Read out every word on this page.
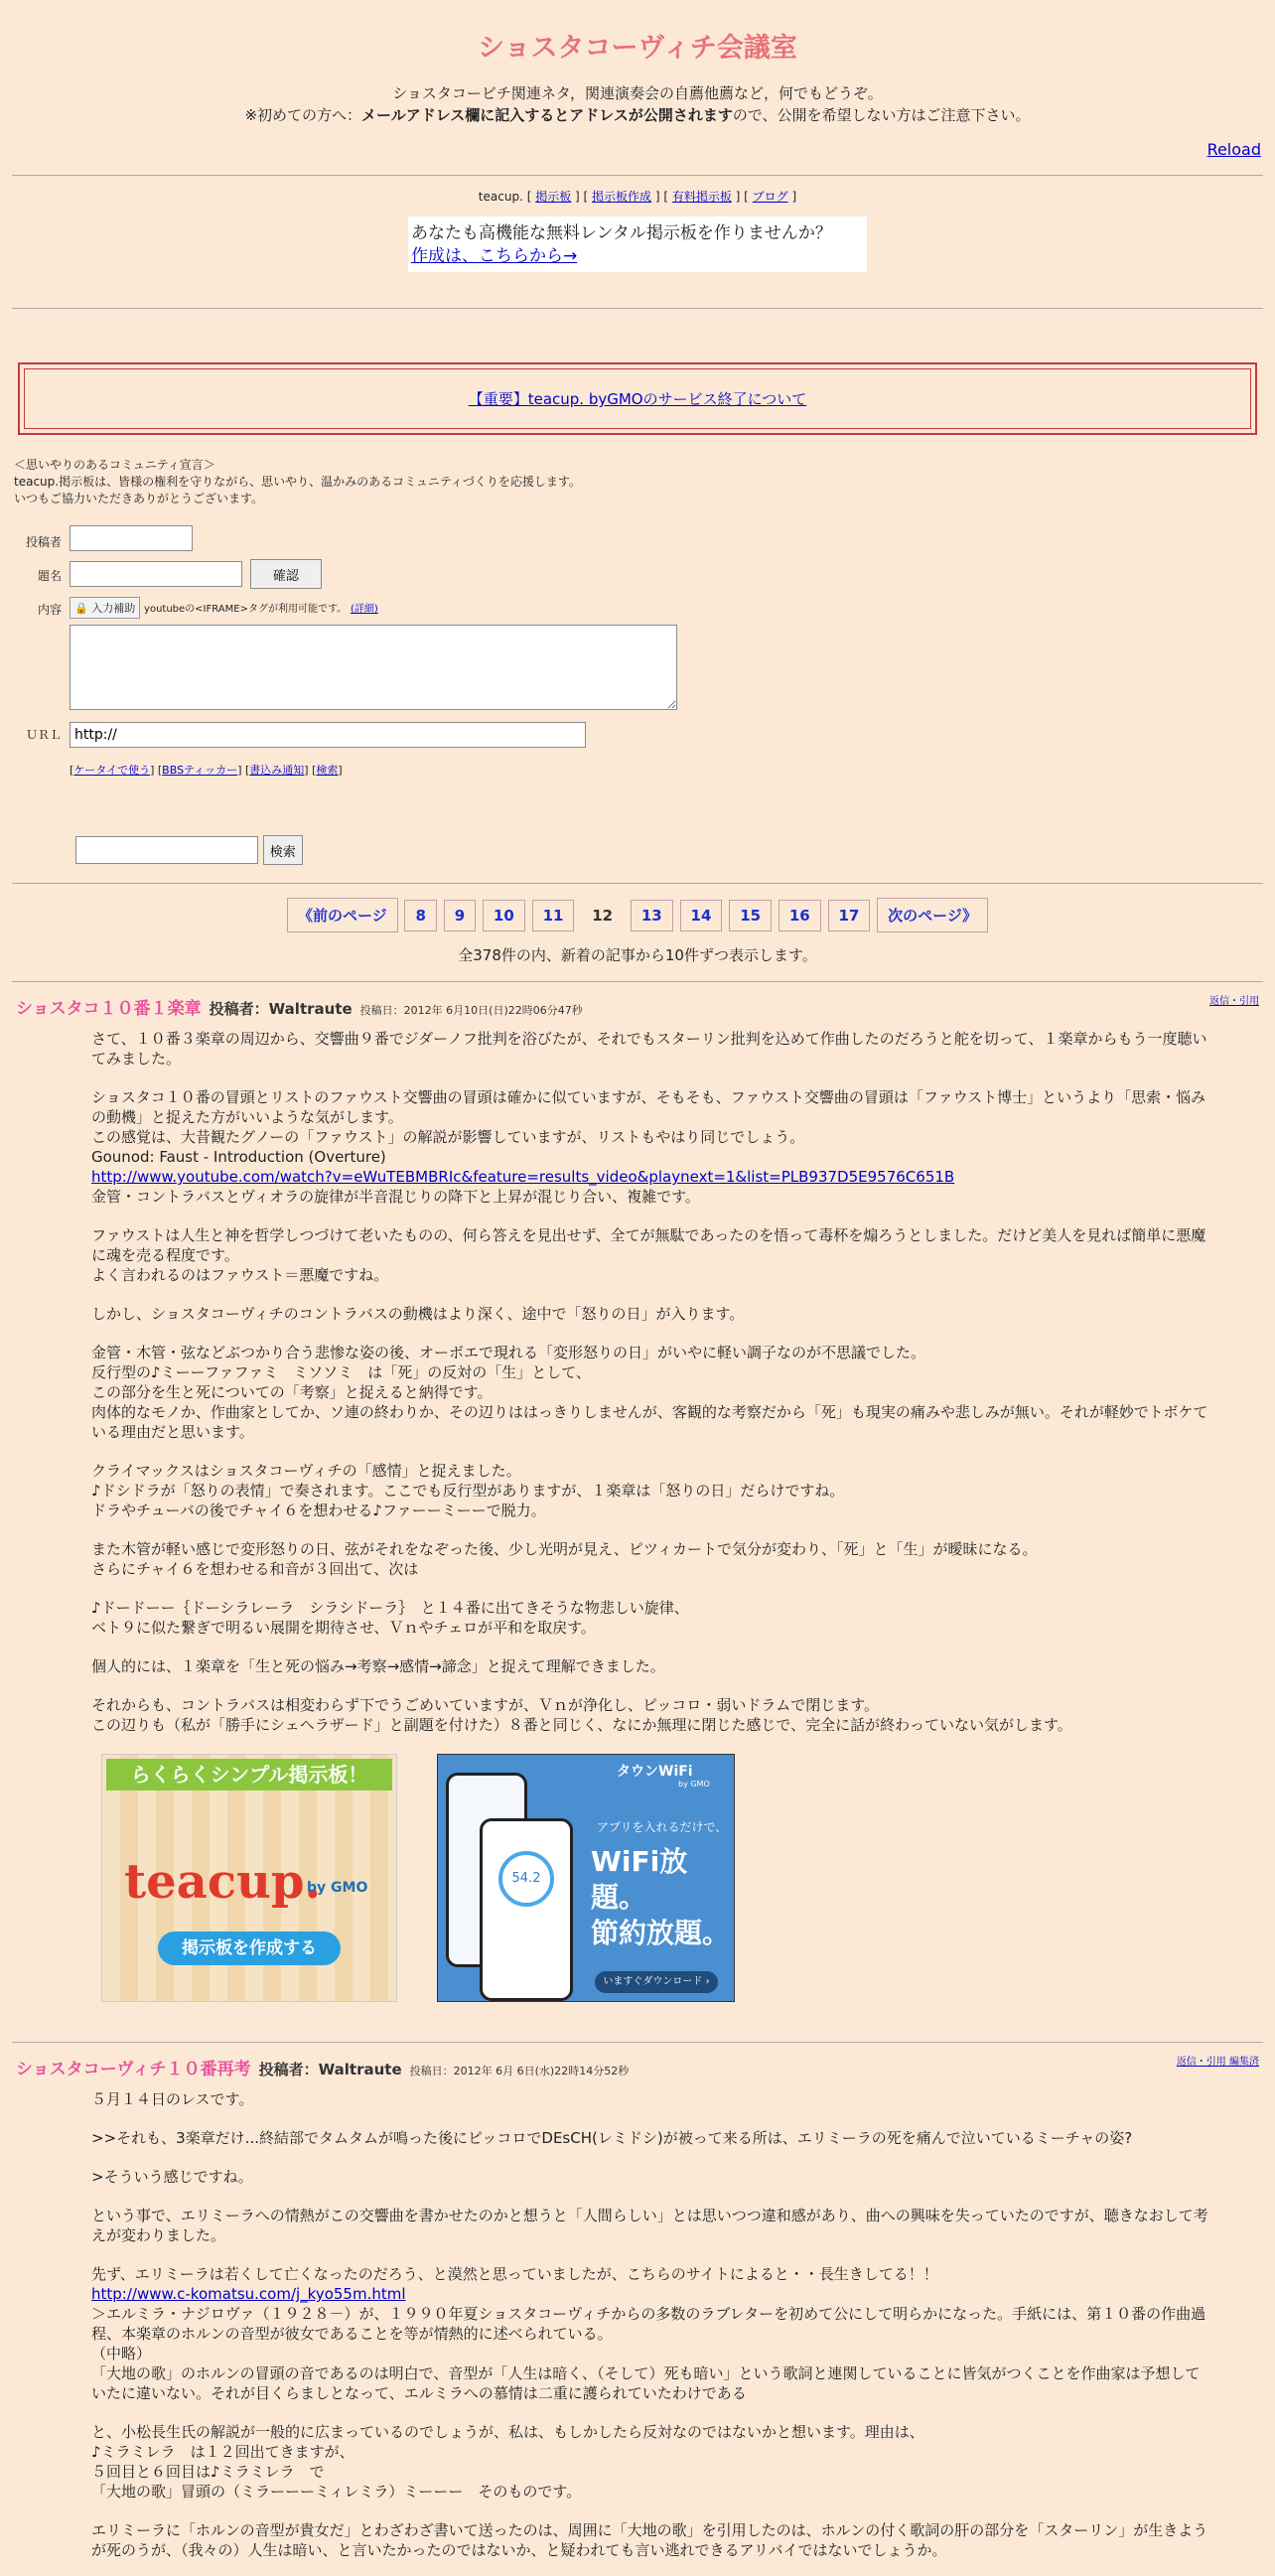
ショスタコーヴィチ会議室
ショスタコービチ関連ネタ，関連演奏会の自薦他薦など，何でもどうぞ。
※初めての方へ：メールアドレス欄に記入するとアドレスが公開されますので、公開を希望しない方はご注意下さい。
Reload
teacup. [ 掲示板 ] [ 掲示板作成 ] [ 有料掲示板 ] [ ブログ ]
あなたも高機能な無料レンタル掲示板を作りませんか？
作成は、こちらから→
【重要】teacup. byGMOのサービス終了について
＜思いやりのあるコミュニティ宣言＞
teacup.掲示板は、皆様の権利を守りながら、思いやり、温かみのあるコミュニティづくりを応援します。
いつもご協力いただきありがとうございます。
投稿者	
題名	確認
内容	🔒 入力補助 youtubeの<IFRAME>タグが利用可能です。 (詳細)

ＵＲＬ	http://
	[ケータイで使う] [BBSティッカー] [書込み通知] [検索]
検索
《前のページ 8 9 10 11 12 13 14 15 16 17 次のページ》
全378件の内、新着の記事から10件ずつ表示します。
ショスタコ１０番１楽章 投稿者：Waltraute 投稿日：2012年 6月10日(日)22時06分47秒
返信・引用

さて、１０番３楽章の周辺から、交響曲９番でジダーノフ批判を浴びたが、それでもスターリン批判を込めて作曲したのだろうと舵を切って、１楽章からもう一度聴いてみました。

ショスタコ１０番の冒頭とリストのファウスト交響曲の冒頭は確かに似ていますが、そもそも、ファウスト交響曲の冒頭は「ファウスト博士」というより「思索・悩みの動機」と捉えた方がいいような気がします。
この感覚は、大昔観たグノーの「ファウスト」の解説が影響していますが、リストもやはり同じでしょう。
Gounod: Faust - Introduction (Overture)
http://www.youtube.com/watch?v=eWuTEBMBRIc&feature=results_video&playnext=1&list=PLB937D5E9576C651B
金管・コントラバスとヴィオラの旋律が半音混じりの降下と上昇が混じり合い、複雑です。

ファウストは人生と神を哲学しつづけて老いたものの、何ら答えを見出せず、全てが無駄であったのを悟って毒杯を煽ろうとしました。だけど美人を見れば簡単に悪魔に魂を売る程度です。
よく言われるのはファウスト＝悪魔ですね。

しかし、ショスタコーヴィチのコントラバスの動機はより深く、途中で「怒りの日」が入ります。

金管・木管・弦などぶつかり合う悲惨な姿の後、オーボエで現れる「変形怒りの日」がいやに軽い調子なのが不思議でした。
反行型の♪ミーーファファミ　ミソソミ　は「死」の反対の「生」として、
この部分を生と死についての「考察」と捉えると納得です。
肉体的なモノか、作曲家としてか、ソ連の終わりか、その辺りははっきりしませんが、客観的な考察だから「死」も現実の痛みや悲しみが無い。それが軽妙でトボケている理由だと思います。

クライマックスはショスタコーヴィチの「感情」と捉えました。
♪ドシドラが「怒りの表情」で奏されます。ここでも反行型がありますが、１楽章は「怒りの日」だらけですね。
ドラやチューバの後でチャイ６を想わせる♪ファーーミーーで脱力。

また木管が軽い感じで変形怒りの日、弦がそれをなぞった後、少し光明が見え、ピツィカートで気分が変わり、「死」と「生」が曖昧になる。
さらにチャイ６を想わせる和音が３回出て、次は

♪ドードーー｛ドーシラレーラ　シラシドーラ｝　と１４番に出てきそうな物悲しい旋律、
ベト９に似た繋ぎで明るい展開を期待させ、Ｖｎやチェロが平和を取戻す。

個人的には、１楽章を「生と死の悩み→考察→感情→諦念」と捉えて理解できました。

それからも、コントラバスは相変わらず下でうごめいていますが、Ｖｎが浄化し、ピッコロ・弱いドラムで閉じます。
この辺りも（私が「勝手にシェヘラザード」と副題を付けた）８番と同じく、なにか無理に閉じた感じで、完全に話が終わっていない気がします。

らくらくシンプル掲示板！
teacup.
by GMO
掲示板を作成する
54.2
タウンWiFi
by GMO
アプリを入れるだけで、
WiFi放題。
節約放題。
いますぐダウンロード ›
ショスタコーヴィチ１０番再考 投稿者：Waltraute 投稿日：2012年 6月 6日(水)22時14分52秒
返信・引用 編集済

５月１４日のレスです。

>>それも、3楽章だけ...終結部でタムタムが鳴った後にピッコロでDEsCH(レミドシ)が被って来る所は、エリミーラの死を痛んで泣いているミーチャの姿?

>そういう感じですね。

という事で、エリミーラへの情熱がこの交響曲を書かせたのかと想うと「人間らしい」とは思いつつ違和感があり、曲への興味を失っていたのですが、聴きなおして考えが変わりました。

先ず、エリミーラは若くして亡くなったのだろう、と漠然と思っていましたが、こちらのサイトによると・・長生きしてる！！
http://www.c-komatsu.com/j_kyo55m.html
＞エルミラ・ナジロヴァ（１９２８－）が、１９９０年夏ショスタコーヴィチからの多数のラブレターを初めて公にして明らかになった。手紙には、第１０番の作曲過程、本楽章のホルンの音型が彼女であることを等が情熱的に述べられている。
（中略）
「大地の歌」のホルンの冒頭の音であるのは明白で、音型が「人生は暗く、（そして）死も暗い」という歌詞と連関していることに皆気がつくことを作曲家は予想していたに違いない。それが目くらましとなって、エルミラへの慕情は二重に護られていたわけである

と、小松長生氏の解説が一般的に広まっているのでしょうが、私は、もしかしたら反対なのではないかと想います。理由は、
♪ミラミレラ　は１２回出てきますが、
５回目と６回目は♪ミラミレラ　で
「大地の歌」冒頭の（ミラーーーミィレミラ）ミーーー　そのものです。

エリミーラに「ホルンの音型が貴女だ」とわざわざ書いて送ったのは、周囲に「大地の歌」を引用したのは、ホルンの付く歌詞の肝の部分を「スターリン」が生きようが死のうが、（我々の）人生は暗い、と言いたかったのではないか、と疑われても言い逃れできるアリバイではないでしょうか。
